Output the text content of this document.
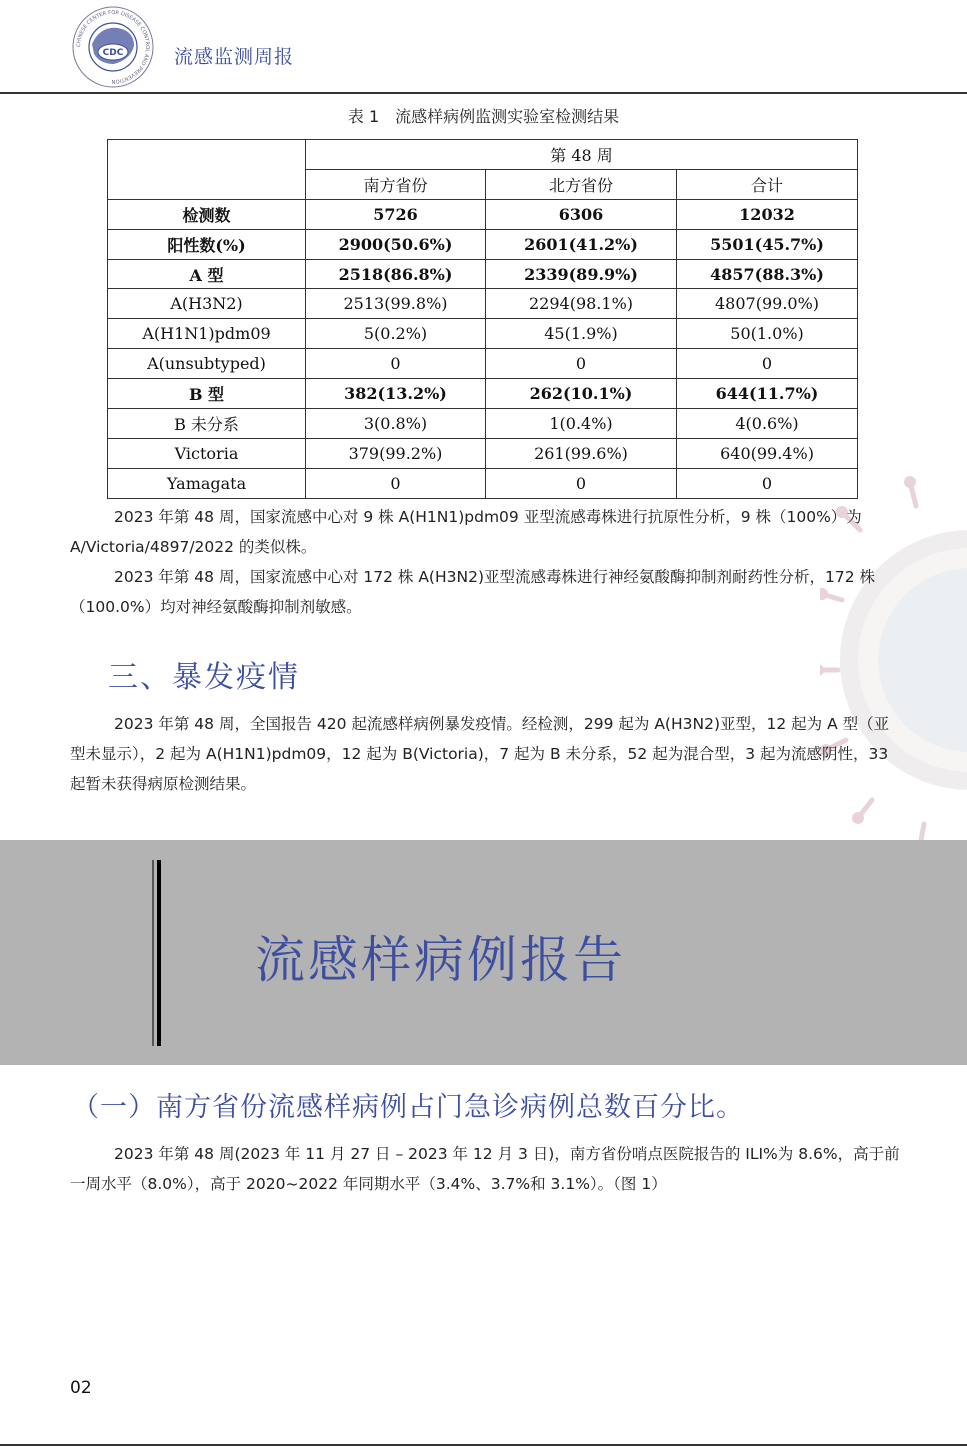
CHINESE CENTER FOR DISEASE CONTROL AND PREVENTION
CDC	流感监测周报
表 1　流感样病例监测实验室检测结果
	第 48 周		
	南方省份	北方省份	合计
检测数	5726	6306	12032
阳性数(%)	2900(50.6%)	2601(41.2%)	5501(45.7%)
A 型	2518(86.8%)	2339(89.9%)	4857(88.3%)
A(H3N2)	2513(99.8%)	2294(98.1%)	4807(99.0%)
A(H1N1)pdm09	5(0.2%)	45(1.9%)	50(1.0%)
A(unsubtyped)	0	0	0
B 型	382(13.2%)	262(10.1%)	644(11.7%)
B 未分系	3(0.8%)	1(0.4%)	4(0.6%)
Victoria	379(99.2%)	261(99.6%)	640(99.4%)
Yamagata	0	0	0

2023 年第 48 周，国家流感中心对 9 株 A(H1N1)pdm09 亚型流感毒株进行抗原性分析，9 株（100%）为 A/Victoria/4897/2022 的类似株。

2023 年第 48 周，国家流感中心对 172 株 A(H3N2)亚型流感毒株进行神经氨酸酶抑制剂耐药性分析，172 株（100.0%）均对神经氨酸酶抑制剂敏感。

三、暴发疫情

2023 年第 48 周，全国报告 420 起流感样病例暴发疫情。经检测，299 起为 A(H3N2)亚型，12 起为 A 型（亚型未显示），2 起为 A(H1N1)pdm09，12 起为 B(Victoria)，7 起为 B 未分系，52 起为混合型，3 起为流感阴性，33 起暂未获得病原检测结果。

流感样病例报告
（一）南方省份流感样病例占门急诊病例总数百分比。

2023 年第 48 周(2023 年 11 月 27 日 – 2023 年 12 月 3 日)，南方省份哨点医院报告的 ILI%为 8.6%，高于前一周水平（8.0%），高于 2020~2022 年同期水平（3.4%、3.7%和 3.1%）。（图 1）

02
